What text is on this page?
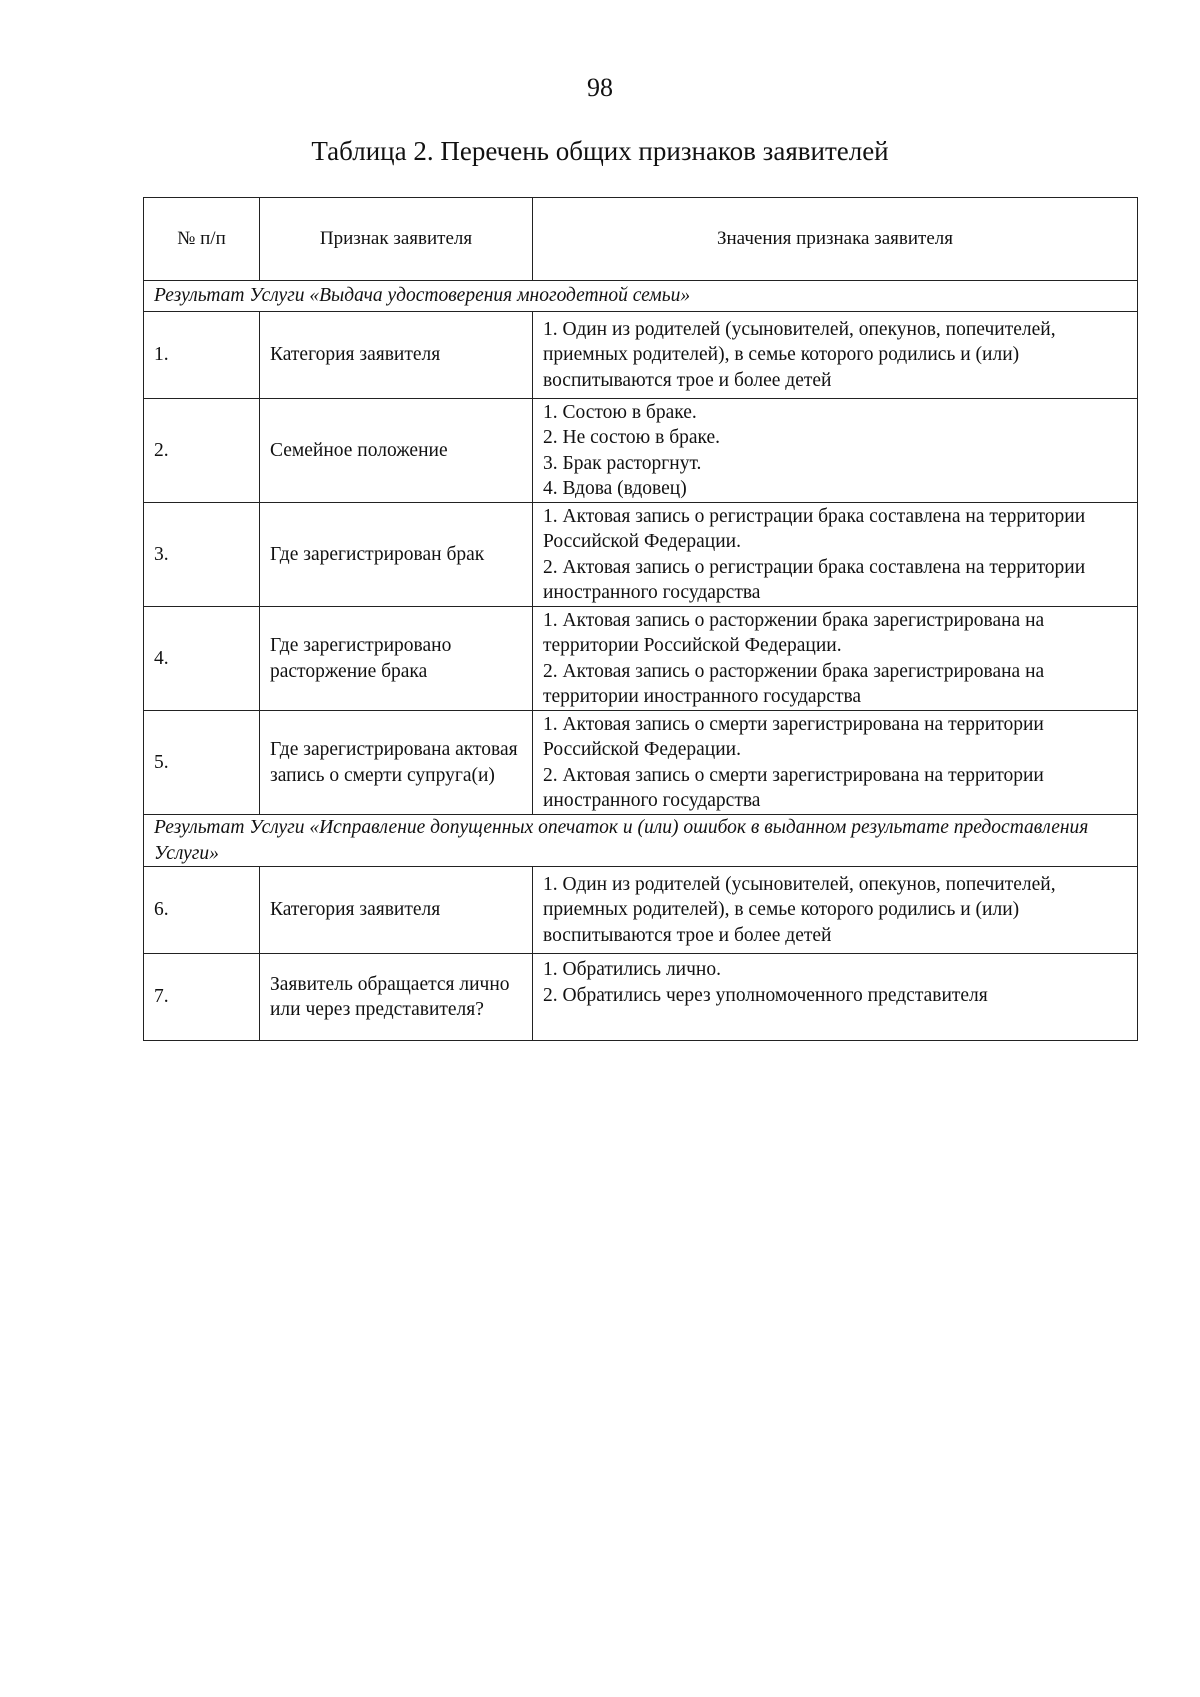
98
Таблица 2. Перечень общих признаков заявителей
№ п/п	Признак заявителя	Значения признака заявителя
Результат Услуги «Выдача удостоверения многодетной семьи»		
1.	Категория заявителя	1. Один из родителей (усыновителей, опекунов, попечителей, приемных родителей), в семье которого родились и (или) воспитываются трое и более детей

2.	Семейное положение	1. Состою в браке.
2. Не состою в браке.
3. Брак расторгнут.
4. Вдова (вдовец)

3.	Где зарегистрирован брак	1. Актовая запись о регистрации брака составлена на территории Российской Федерации.
2. Актовая запись о регистрации брака составлена на территории иностранного государства

4.	Где зарегистрировано расторжение брака	1. Актовая запись о расторжении брака зарегистрирована на территории Российской Федерации.
2. Актовая запись о расторжении брака зарегистрирована на территории иностранного государства

5.	Где зарегистрирована актовая запись о смерти супруга(и)	1. Актовая запись о смерти зарегистрирована на территории Российской Федерации.
2. Актовая запись о смерти зарегистрирована на территории иностранного государства

Результат Услуги «Исправление допущенных опечаток и (или) ошибок в выданном результате предоставления Услуги»		
6.	Категория заявителя	1. Один из родителей (усыновителей, опекунов, попечителей, приемных родителей), в семье которого родились и (или) воспитываются трое и более детей

7.	Заявитель обращается лично или через представителя?	1. Обратились лично.
2. Обратились через уполномоченного представителя
